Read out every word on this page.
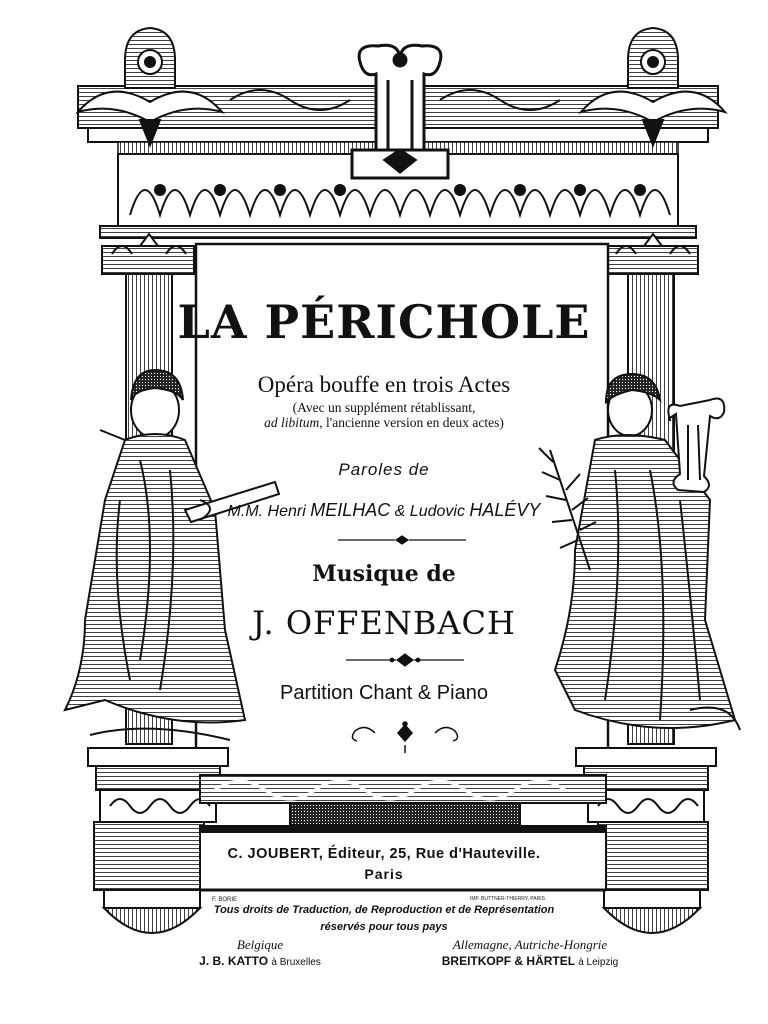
LA PÉRICHOLE
Opéra bouffe en trois Actes
(Avec un supplément rétablissant,
ad libitum, l'ancienne version en deux actes)
Paroles de
M.M. Henri MEILHAC & Ludovic HALÉVY
Musique de
J. OFFENBACH
Partition Chant & Piano
C. JOUBERT, Éditeur, 25, Rue d'Hauteville.
Paris
F. BORIE	IMP. BUTTNER-THIERRY, PARIS
Tous droits de Traduction, de Reproduction et de Représentation
réservés pour tous pays
Belgique
J. B. KATTO à Bruxelles
Allemagne, Autriche-Hongrie
BREITKOPF & HÄRTEL à Leipzig
